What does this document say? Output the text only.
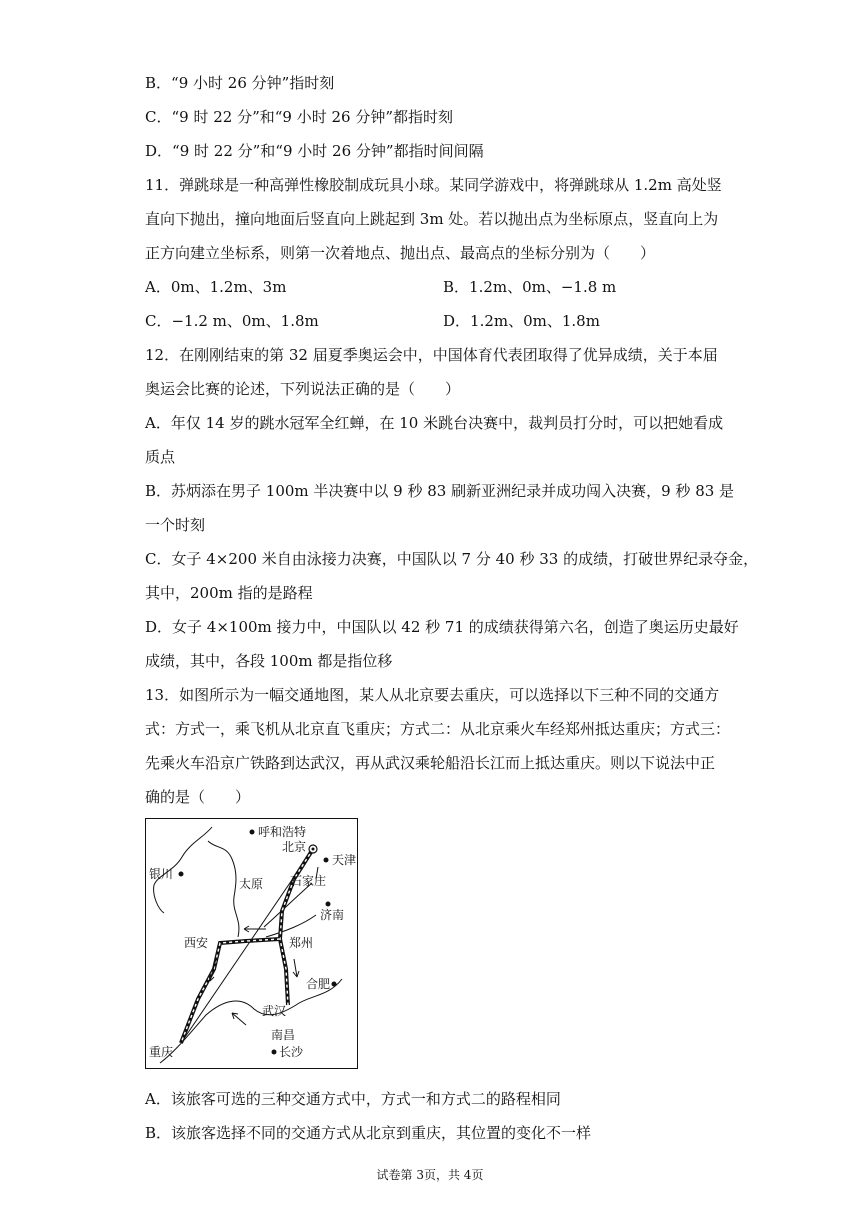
B．“9 小时 26 分钟”指时刻
C．“9 时 22 分”和“9 小时 26 分钟”都指时刻
D．“9 时 22 分”和“9 小时 26 分钟”都指时间间隔
11．弹跳球是一种高弹性橡胶制成玩具小球。某同学游戏中，将弹跳球从 1.2m 高处竖
直向下抛出，撞向地面后竖直向上跳起到 3m 处。若以抛出点为坐标原点，竖直向上为
正方向建立坐标系，则第一次着地点、抛出点、最高点的坐标分别为（　　）
A．0m、1.2m、3m	B．1.2m、0m、−1.8 m
C．−1.2 m、0m、1.8m	D．1.2m、0m、1.8m
12．在刚刚结束的第 32 届夏季奥运会中，中国体育代表团取得了优异成绩，关于本届
奥运会比赛的论述，下列说法正确的是（　　）
A．年仅 14 岁的跳水冠军全红蝉，在 10 米跳台决赛中，裁判员打分时，可以把她看成
质点
B．苏炳添在男子 100m 半决赛中以 9 秒 83 刷新亚洲纪录并成功闯入决赛，9 秒 83 是
一个时刻
C．女子 4×200 米自由泳接力决赛，中国队以 7 分 40 秒 33 的成绩，打破世界纪录夺金，
其中，200m 指的是路程
D．女子 4×100m 接力中，中国队以 42 秒 71 的成绩获得第六名，创造了奥运历史最好
成绩，其中，各段 100m 都是指位移
13．如图所示为一幅交通地图，某人从北京要去重庆，可以选择以下三种不同的交通方
式：方式一，乘飞机从北京直飞重庆；方式二：从北京乘火车经郑州抵达重庆；方式三：
先乘火车沿京广铁路到达武汉，再从武汉乘轮船沿长江而上抵达重庆。则以下说法中正
确的是（　　）
呼和浩特
北京
天津
银川
太原 石家庄
济南
西安	郑州
合肥
武汉
重庆
南昌
长沙
A．该旅客可选的三种交通方式中，方式一和方式二的路程相同
B．该旅客选择不同的交通方式从北京到重庆，其位置的变化不一样
试卷第 3页，共 4页
